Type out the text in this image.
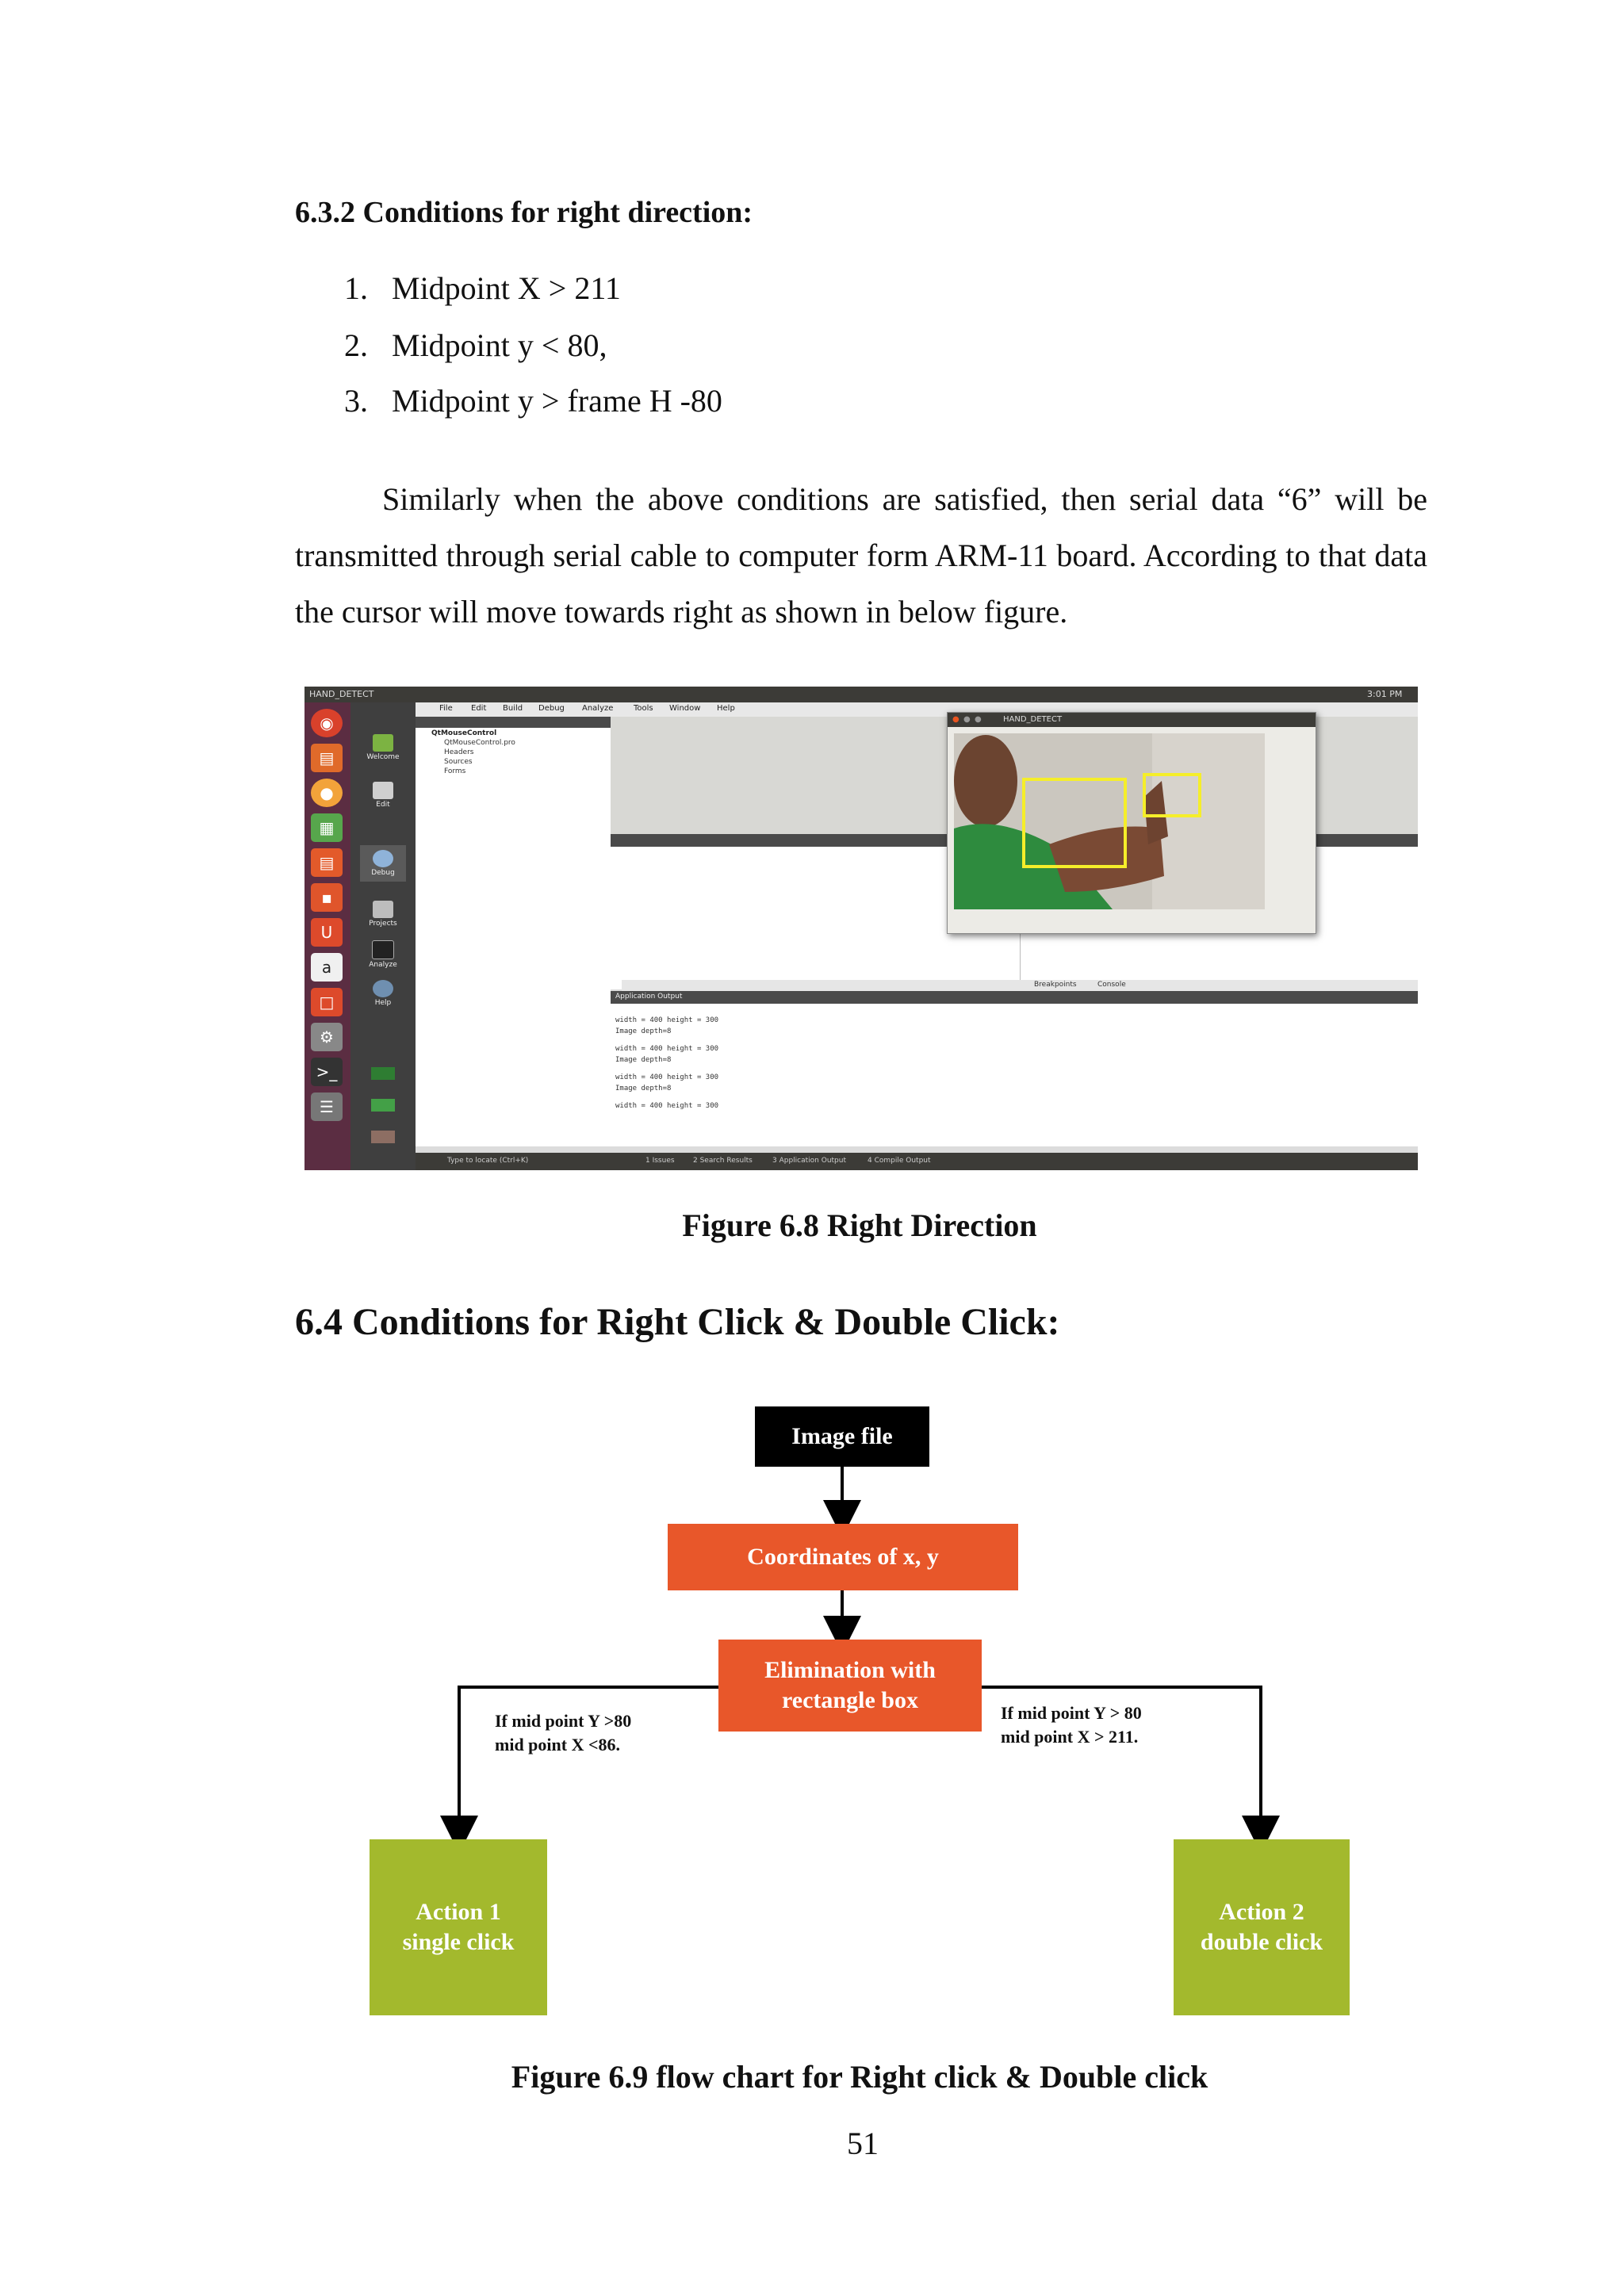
6.3.2 Conditions for right direction:
1. Midpoint X > 211
2. Midpoint y < 80,
3. Midpoint y > frame H -80
Similarly when the above conditions are satisfied, then serial data “6” will be transmitted through serial cable to computer form ARM-11 board. According to that data the cursor will move towards right as shown in below figure.
HAND_DETECT	3:01 PM
◉
▤
●
▦
▤
▪
U
a
□
⚙
>_
☰
File Edit Build Debug Analyze	Tools Window Help
Welcome
Edit
Debug
Projects
Analyze
Help
QtMouseControl
QtMouseControl.pro
Headers
Sources
Forms
Breakpoints	Console
Application Output
width = 400 height = 300
Image depth=8
width = 400 height = 300
Image depth=8
width = 400 height = 300
Image depth=8
width = 400 height = 300
Type to locate (Ctrl+K)	1 Issues	2 Search Results	3 Application Output	4 Compile Output
● ● ●	HAND_DETECT
Figure 6.8 Right Direction
6.4 Conditions for Right Click & Double Click:
Image file
Coordinates of x, y
Elimination with
rectangle box
If mid point Y >80
mid point X <86.
If mid point Y > 80
mid point X > 211.
Action 1
single click
Action 2
double click
Figure 6.9 flow chart for Right click & Double click
51
